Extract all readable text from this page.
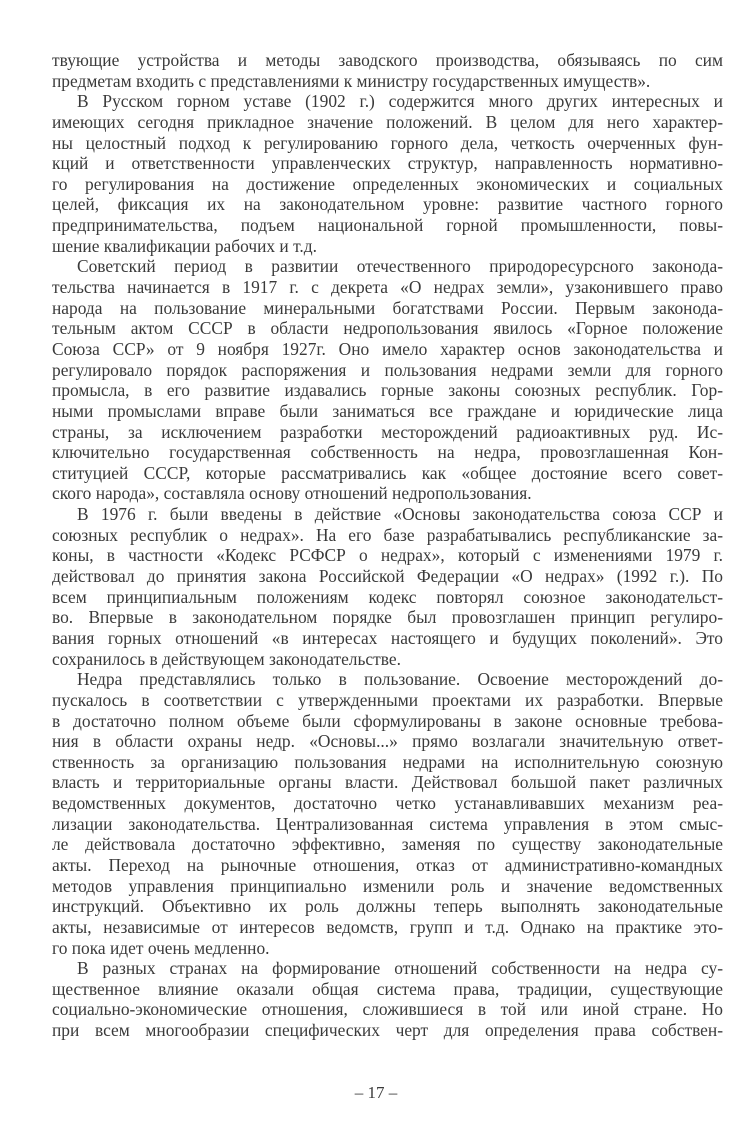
твующие устройства и методы заводского производства, обязываясь по сим
предметам входить с представлениями к министру государственных имуществ».
В Русском горном уставе (1902 г.) содержится много других интересных и
имеющих сегодня прикладное значение положений. В целом для него характер-
ны целостный подход к регулированию горного дела, четкость очерченных фун-
кций и ответственности управленческих структур, направленность нормативно-
го регулирования на достижение определенных экономических и социальных
целей, фиксация их на законодательном уровне: развитие частного горного
предпринимательства, подъем национальной горной промышленности, повы-
шение квалификации рабочих и т.д.
Советский период в развитии отечественного природоресурсного законода-
тельства начинается в 1917 г. с декрета «О недрах земли», узаконившего право
народа на пользование минеральными богатствами России. Первым законода-
тельным актом СССР в области недропользования явилось «Горное положение
Союза ССР» от 9 ноября 1927г. Оно имело характер основ законодательства и
регулировало порядок распоряжения и пользования недрами земли для горного
промысла, в его развитие издавались горные законы союзных республик. Гор-
ными промыслами вправе были заниматься все граждане и юридические лица
страны, за исключением разработки месторождений радиоактивных руд. Ис-
ключительно государственная собственность на недра, провозглашенная Кон-
ституцией СССР, которые рассматривались как «общее достояние всего совет-
ского народа», составляла основу отношений недропользования.
В 1976 г. были введены в действие «Основы законодательства союза ССР и
союзных республик о недрах». На его базе разрабатывались республиканские за-
коны, в частности «Кодекс РСФСР о недрах», который с изменениями 1979 г.
действовал до принятия закона Российской Федерации «О недрах» (1992 г.). По
всем принципиальным положениям кодекс повторял союзное законодательст-
во. Впервые в законодательном порядке был провозглашен принцип регулиро-
вания горных отношений «в интересах настоящего и будущих поколений». Это
сохранилось в действующем законодательстве.
Недра представлялись только в пользование. Освоение месторождений до-
пускалось в соответствии с утвержденными проектами их разработки. Впервые
в достаточно полном объеме были сформулированы в законе основные требова-
ния в области охраны недр. «Основы...» прямо возлагали значительную ответ-
ственность за организацию пользования недрами на исполнительную союзную
власть и территориальные органы власти. Действовал большой пакет различных
ведомственных документов, достаточно четко устанавливавших механизм реа-
лизации законодательства. Централизованная система управления в этом смыс-
ле действовала достаточно эффективно, заменяя по существу законодательные
акты. Переход на рыночные отношения, отказ от административно-командных
методов управления принципиально изменили роль и значение ведомственных
инструкций. Объективно их роль должны теперь выполнять законодательные
акты, независимые от интересов ведомств, групп и т.д. Однако на практике это-
го пока идет очень медленно.
В разных странах на формирование отношений собственности на недра су-
щественное влияние оказали общая система права, традиции, существующие
социально-экономические отношения, сложившиеся в той или иной стране. Но
при всем многообразии специфических черт для определения права собствен-
– 17 –
